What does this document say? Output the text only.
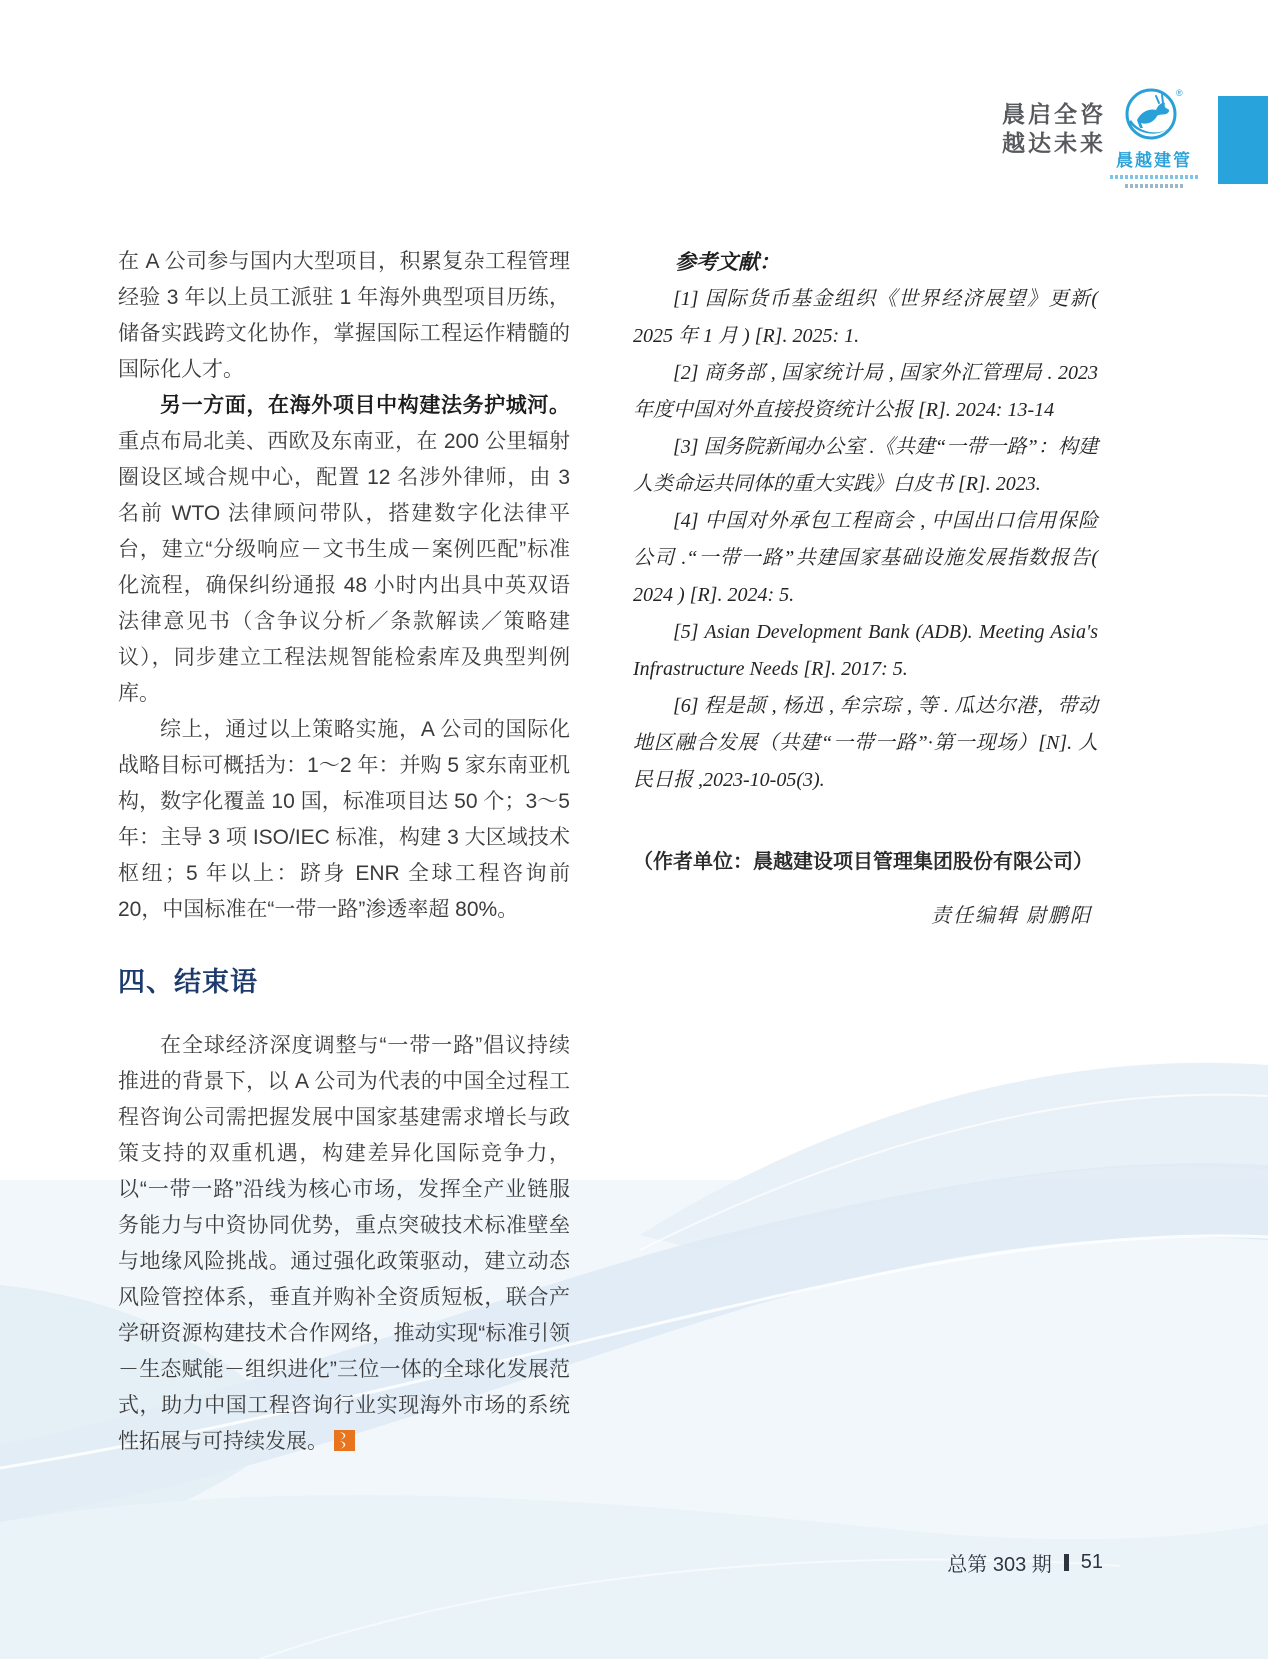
晨启全咨
越达未来
®
晨越建管

在 A 公司参与国内大型项目，积累复杂工程管理经验 3 年以上员工派驻 1 年海外典型项目历练，储备实践跨文化协作，掌握国际工程运作精髓的国际化人才。

另一方面，在海外项目中构建法务护城河。重点布局北美、西欧及东南亚，在 200 公里辐射圈设区域合规中心，配置 12 名涉外律师，由 3 名前 WTO 法律顾问带队，搭建数字化法律平台，建立“分级响应－文书生成－案例匹配”标准化流程，确保纠纷通报 48 小时内出具中英双语法律意见书（含争议分析／条款解读／策略建议），同步建立工程法规智能检索库及典型判例库。

综上，通过以上策略实施，A 公司的国际化战略目标可概括为：1～2 年：并购 5 家东南亚机构，数字化覆盖 10 国，标准项目达 50 个；3～5 年：主导 3 项 ISO/IEC 标准，构建 3 大区域技术枢纽；5 年以上：跻身 ENR 全球工程咨询前 20，中国标准在“一带一路”渗透率超 80%。

四、结束语

在全球经济深度调整与“一带一路”倡议持续推进的背景下，以 A 公司为代表的中国全过程工程咨询公司需把握发展中国家基建需求增长与政策支持的双重机遇，构建差异化国际竞争力，以“一带一路”沿线为核心市场，发挥全产业链服务能力与中资协同优势，重点突破技术标准壁垒与地缘风险挑战。通过强化政策驱动，建立动态风险管控体系，垂直并购补全资质短板，联合产学研资源构建技术合作网络，推动实现“标准引领－生态赋能－组织进化”三位一体的全球化发展范式，助力中国工程咨询行业实现海外市场的系统性拓展与可持续发展。

参考文献：

[1] 国际货币基金组织《世界经济展望》更新( 2025 年 1 月 ) [R]. 2025: 1.

[2] 商务部 , 国家统计局 , 国家外汇管理局 . 2023 年度中国对外直接投资统计公报 [R]. 2024: 13-14

[3] 国务院新闻办公室 .《共建“一带一路”：构建人类命运共同体的重大实践》白皮书 [R]. 2023.

[4] 中国对外承包工程商会 , 中国出口信用保险公司 .“一带一路”共建国家基础设施发展指数报告( 2024 ) [R]. 2024: 5.

[5] Asian Development Bank (ADB). Meeting Asia's Infrastructure Needs [R]. 2017: 5.

[6] 程是颉 , 杨迅 , 牟宗琮 , 等 . 瓜达尔港，带动地区融合发展（共建“一带一路”·第一现场）[N]. 人民日报 ,2023-10-05(3).

（作者单位：晨越建设项目管理集团股份有限公司）

责任编辑 尉鹏阳

总第 303 期 51
